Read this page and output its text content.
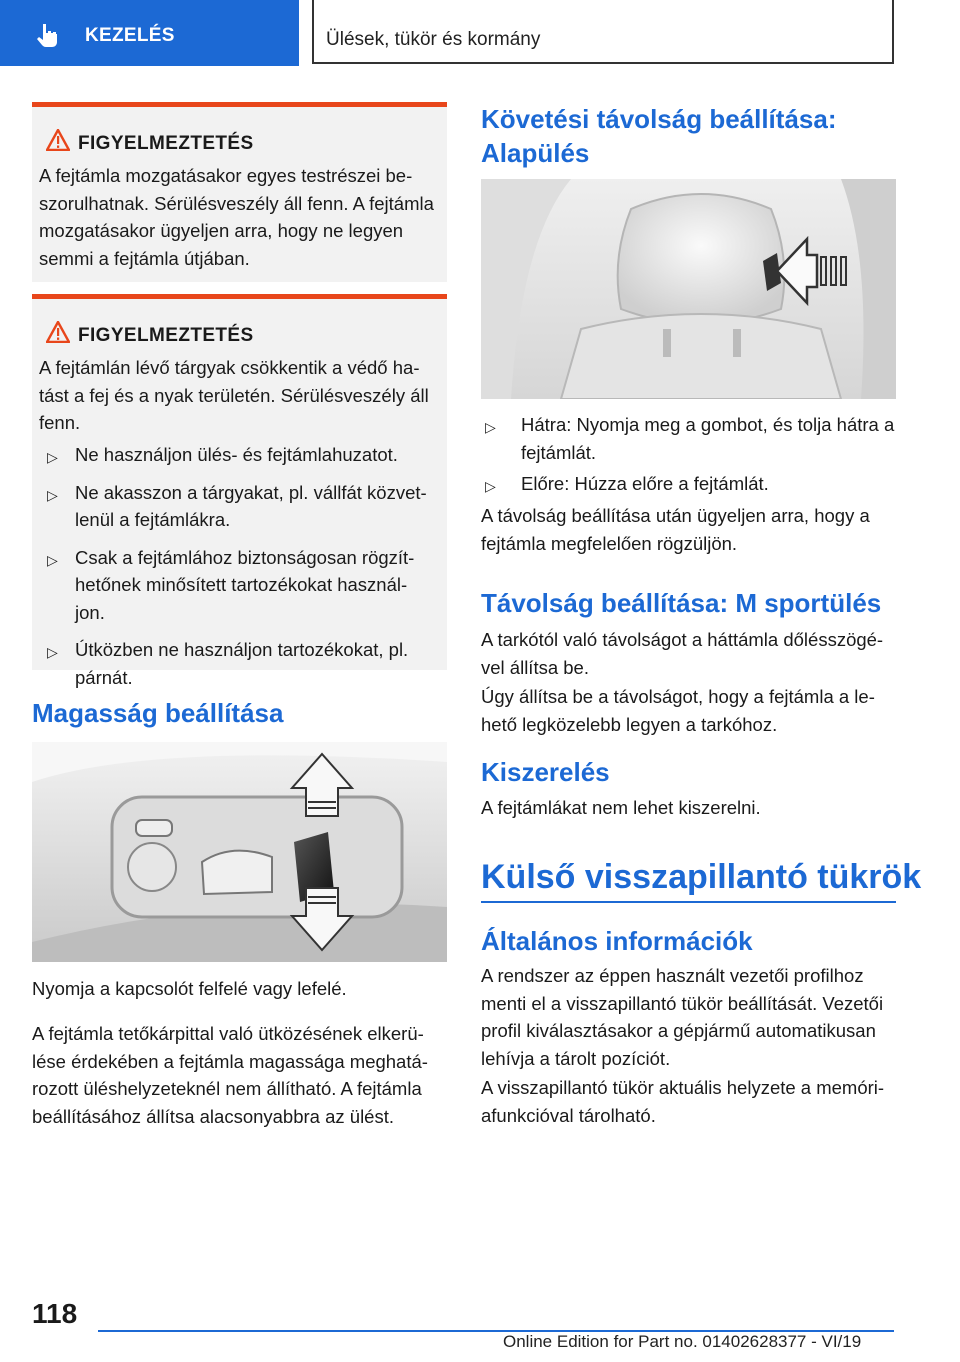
KEZELÉS	Ülések, tükör és kormány
FIGYELMEZTETÉS
A fejtámla mozgatásakor egyes testrészei be-
szorulhatnak. Sérülésveszély áll fenn. A fejtámla
mozgatásakor ügyeljen arra, hogy ne legyen
semmi a fejtámla útjában.
FIGYELMEZTETÉS
A fejtámlán lévő tárgyak csökkentik a védő ha-
tást a fej és a nyak területén. Sérülésveszély áll
fenn.
▷ Ne használjon ülés- és fejtámlahuzatot.
▷ Ne akasszon a tárgyakat, pl. vállfát közvet-
lenül a fejtámlákra.
▷ Csak a fejtámlához biztonságosan rögzít-
hetőnek minősített tartozékokat használ-
jon.
▷ Útközben ne használjon tartozékokat, pl.
párnát.
Magasság beállítása
Nyomja a kapcsolót felfelé vagy lefelé.
A fejtámla tetőkárpittal való ütközésének elkerü-
lése érdekében a fejtámla magassága meghatá-
rozott üléshelyzeteknél nem állítható. A fejtámla
beállításához állítsa alacsonyabbra az ülést.
Követési távolság beállítása:
Alapülés
▷ Hátra: Nyomja meg a gombot, és tolja hátra a
fejtámlát.
▷ Előre: Húzza előre a fejtámlát.
A távolság beállítása után ügyeljen arra, hogy a
fejtámla megfelelően rögzüljön.
Távolság beállítása: M sportülés
A tarkótól való távolságot a háttámla dőlésszögé-
vel állítsa be.
Úgy állítsa be a távolságot, hogy a fejtámla a le-
hető legközelebb legyen a tarkóhoz.
Kiszerelés
A fejtámlákat nem lehet kiszerelni.
Külső visszapillantó tükrök
Általános információk
A rendszer az éppen használt vezetői profilhoz
menti el a visszapillantó tükör beállítását. Vezetői
profil kiválasztásakor a gépjármű automatikusan
lehívja a tárolt pozíciót.
A visszapillantó tükör aktuális helyzete a memóri-
afunkcióval tárolható.
118
Online Edition for Part no. 01402628377 - VI/19
